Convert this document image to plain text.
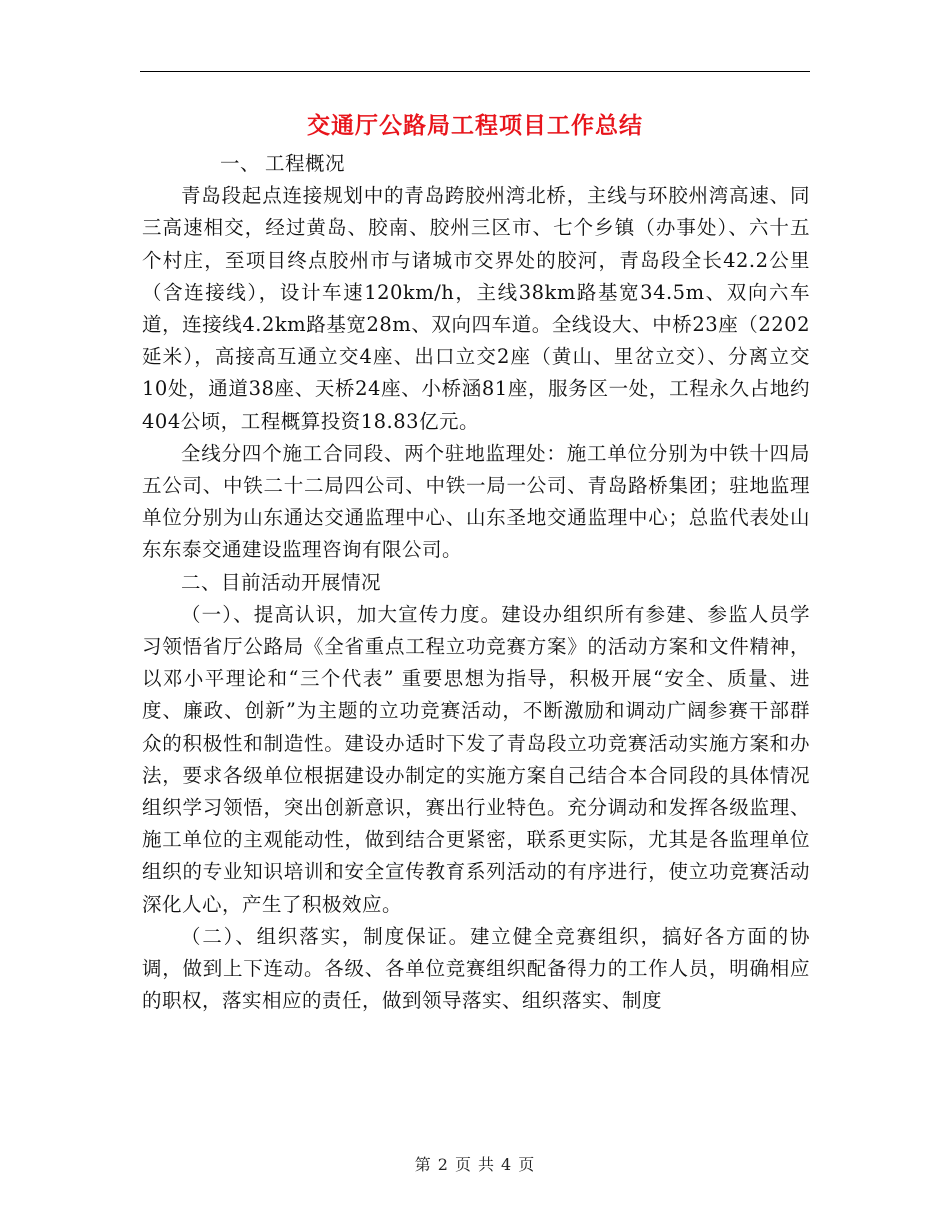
交通厅公路局工程项目工作总结

一、 工程概况

青岛段起点连接规划中的青岛跨胶州湾北桥，主线与环胶州湾高速、同三高速相交，经过黄岛、胶南、胶州三区市、七个乡镇（办事处）、六十五个村庄，至项目终点胶州市与诸城市交界处的胶河，青岛段全长42.2公里（含连接线），设计车速120km/h，主线38km路基宽34.5m、双向六车道，连接线4.2km路基宽28m、双向四车道。全线设大、中桥23座（2202延米），高接高互通立交4座、出口立交2座（黄山、里岔立交）、分离立交10处，通道38座、天桥24座、小桥涵81座，服务区一处，工程永久占地约404公顷，工程概算投资18.83亿元。

全线分四个施工合同段、两个驻地监理处：施工单位分别为中铁十四局五公司、中铁二十二局四公司、中铁一局一公司、青岛路桥集团；驻地监理单位分别为山东通达交通监理中心、山东圣地交通监理中心；总监代表处山东东泰交通建设监理咨询有限公司。

二、目前活动开展情况

（一）、提高认识，加大宣传力度。建设办组织所有参建、参监人员学习领悟省厅公路局《全省重点工程立功竞赛方案》的活动方案和文件精神，以邓小平理论和“三个代表” 重要思想为指导，积极开展“安全、质量、进度、廉政、创新”为主题的立功竞赛活动，不断激励和调动广阔参赛干部群众的积极性和制造性。建设办适时下发了青岛段立功竞赛活动实施方案和办法，要求各级单位根据建设办制定的实施方案自己结合本合同段的具体情况组织学习领悟，突出创新意识，赛出行业特色。充分调动和发挥各级监理、施工单位的主观能动性，做到结合更紧密，联系更实际，尤其是各监理单位组织的专业知识培训和安全宣传教育系列活动的有序进行，使立功竞赛活动深化人心，产生了积极效应。

（二）、组织落实，制度保证。建立健全竞赛组织，搞好各方面的协调，做到上下连动。各级、各单位竞赛组织配备得力的工作人员，明确相应的职权，落实相应的责任，做到领导落实、组织落实、制度

第 2 页 共 4 页
